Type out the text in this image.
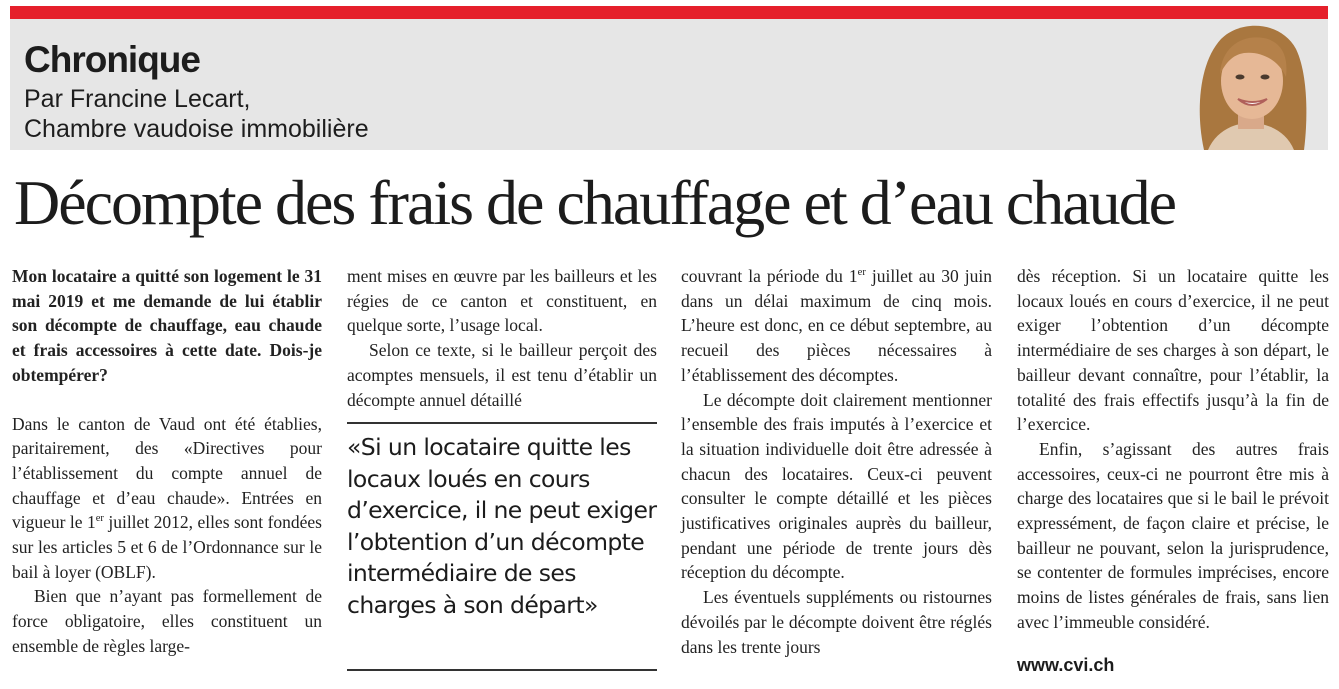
Chronique
Par Francine Lecart,
Chambre vaudoise immobilière
Décompte des frais de chauffage et d’eau chaude

Mon locataire a quitté son logement le 31 mai 2019 et me demande de lui établir son décompte de chauffage, eau chaude et frais accessoires à cette date. Dois-je obtempérer?

Dans le canton de Vaud ont été établies, paritairement, des «Directives pour l’établissement du compte annuel de chauffage et d’eau chaude». Entrées en vigueur le 1er juillet 2012, elles sont fondées sur les articles 5 et 6 de l’Ordonnance sur le bail à loyer (OBLF).

Bien que n’ayant pas formellement de force obligatoire, elles constituent un ensemble de règles large-

ment mises en œuvre par les bailleurs et les régies de ce canton et constituent, en quelque sorte, l’usage local.

Selon ce texte, si le bailleur perçoit des acomptes mensuels, il est tenu d’établir un décompte annuel détaillé

«Si un locataire quitte les locaux loués en cours d’exercice, il ne peut exiger l’obtention d’un décompte intermédiaire de ses charges à son départ»

couvrant la période du 1er juillet au 30 juin dans un délai maximum de cinq mois. L’heure est donc, en ce début septembre, au recueil des pièces nécessaires à l’établissement des décomptes.

Le décompte doit clairement mentionner l’ensemble des frais imputés à l’exercice et la situation individuelle doit être adressée à chacun des locataires. Ceux-ci peuvent consulter le compte détaillé et les pièces justificatives originales auprès du bailleur, pendant une période de trente jours dès réception du décompte.

Les éventuels suppléments ou ristournes dévoilés par le décompte doivent être réglés dans les trente jours

dès réception. Si un locataire quitte les locaux loués en cours d’exercice, il ne peut exiger l’obtention d’un décompte intermédiaire de ses charges à son départ, le bailleur devant connaître, pour l’établir, la totalité des frais effectifs jusqu’à la fin de l’exercice.

Enfin, s’agissant des autres frais accessoires, ceux-ci ne pourront être mis à charge des locataires que si le bail le prévoit expressément, de façon claire et précise, le bailleur ne pouvant, selon la jurisprudence, se contenter de formules imprécises, encore moins de listes générales de frais, sans lien avec l’immeuble considéré.

www.cvi.ch
